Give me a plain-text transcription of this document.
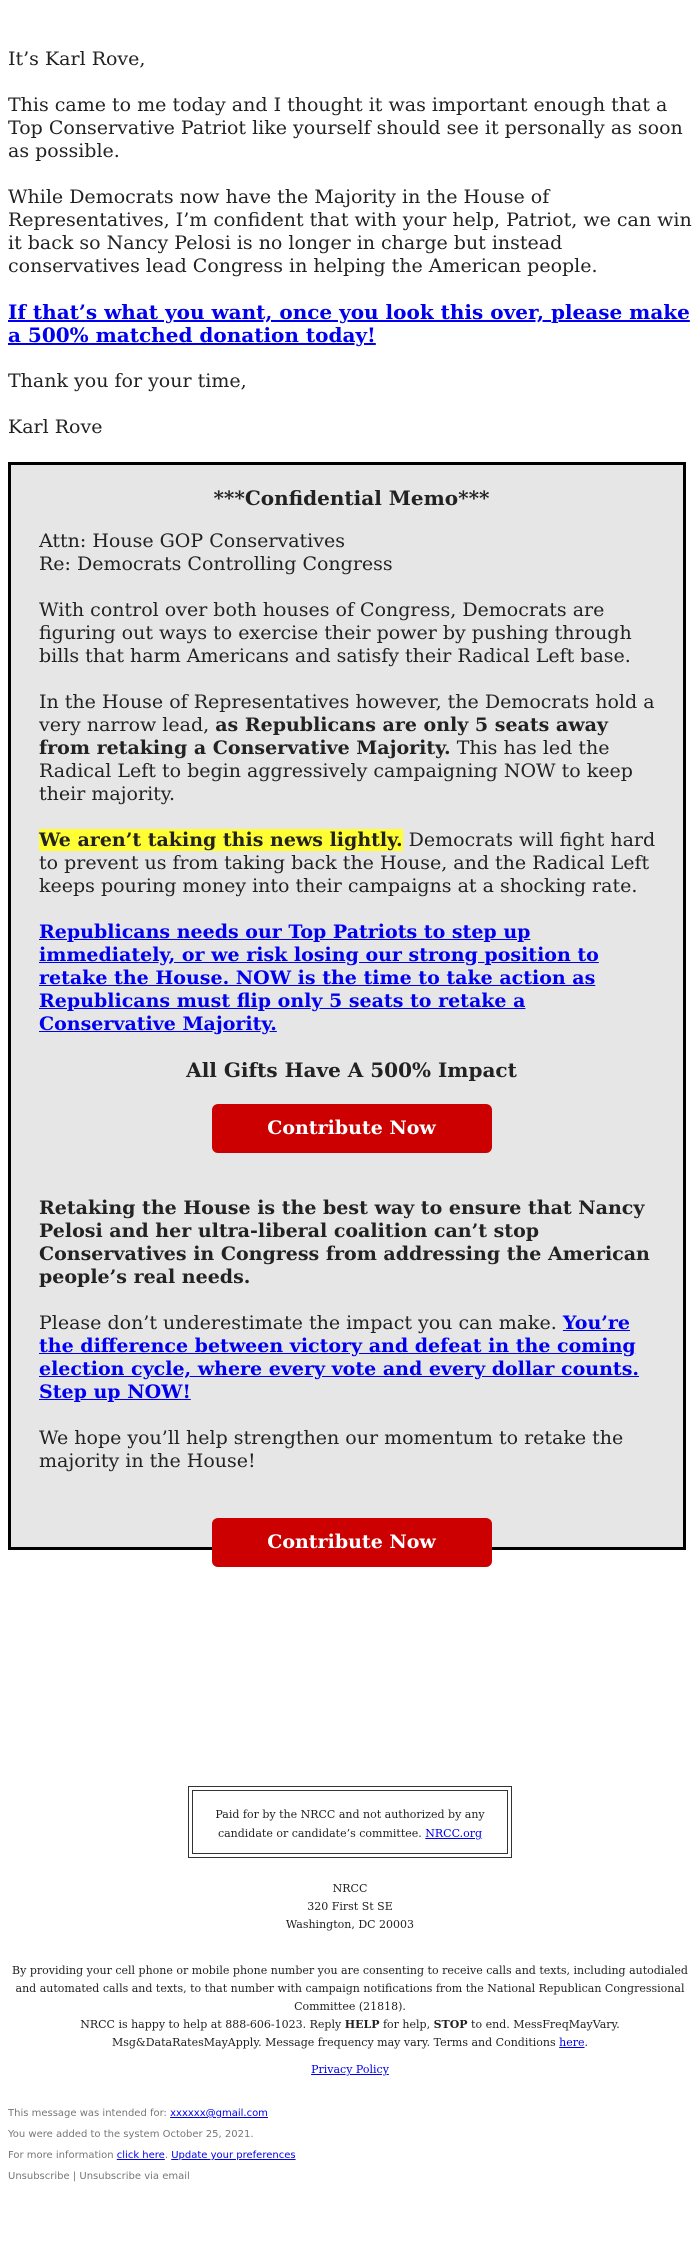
It’s Karl Rove,

This came to me today and I thought it was important enough that a Top Conservative Patriot like yourself should see it personally as soon as possible.

While Democrats now have the Majority in the House of Representatives, I’m confident that with your help, Patriot, we can win it back so Nancy Pelosi is no longer in charge but instead conservatives lead Congress in helping the American people.

If that’s what you want, once you look this over, please make a 500% matched donation today!

Thank you for your time,

Karl Rove

***Confidential Memo***

Attn: House GOP Conservatives
Re: Democrats Controlling Congress

With control over both houses of Congress, Democrats are figuring out ways to exercise their power by pushing through bills that harm Americans and satisfy their Radical Left base.

In the House of Representatives however, the Democrats hold a very narrow lead, as Republicans are only 5 seats away from retaking a Conservative Majority. This has led the Radical Left to begin aggressively campaigning NOW to keep their majority.

We aren’t taking this news lightly. Democrats will fight hard to prevent us from taking back the House, and the Radical Left keeps pouring money into their campaigns at a shocking rate.

Republicans needs our Top Patriots to step up immediately, or we risk losing our strong position to retake the House. NOW is the time to take action as Republicans must flip only 5 seats to retake a Conservative Majority.

All Gifts Have A 500% Impact
Contribute Now

Retaking the House is the best way to ensure that Nancy Pelosi and her ultra-liberal coalition can’t stop Conservatives in Congress from addressing the American people’s real needs.

Please don’t underestimate the impact you can make. You’re the difference between victory and defeat in the coming election cycle, where every vote and every dollar counts. Step up NOW!

We hope you’ll help strengthen our momentum to retake the majority in the House!

Contribute Now
Paid for by the NRCC and not authorized by any candidate or candidate’s committee. NRCC.org
NRCC
320 First St SE
Washington, DC 20003
By providing your cell phone or mobile phone number you are consenting to receive calls and texts, including autodialed and automated calls and texts, to that number with campaign notifications from the National Republican Congressional Committee (21818).
NRCC is happy to help at 888-606-1023. Reply HELP for help, STOP to end. MessFreqMayVary. Msg&DataRatesMayApply. Message frequency may vary. Terms and Conditions here.
Privacy Policy
This message was intended for: xxxxxx@gmail.com
You were added to the system October 25, 2021.
For more information click here. Update your preferences
Unsubscribe | Unsubscribe via email
